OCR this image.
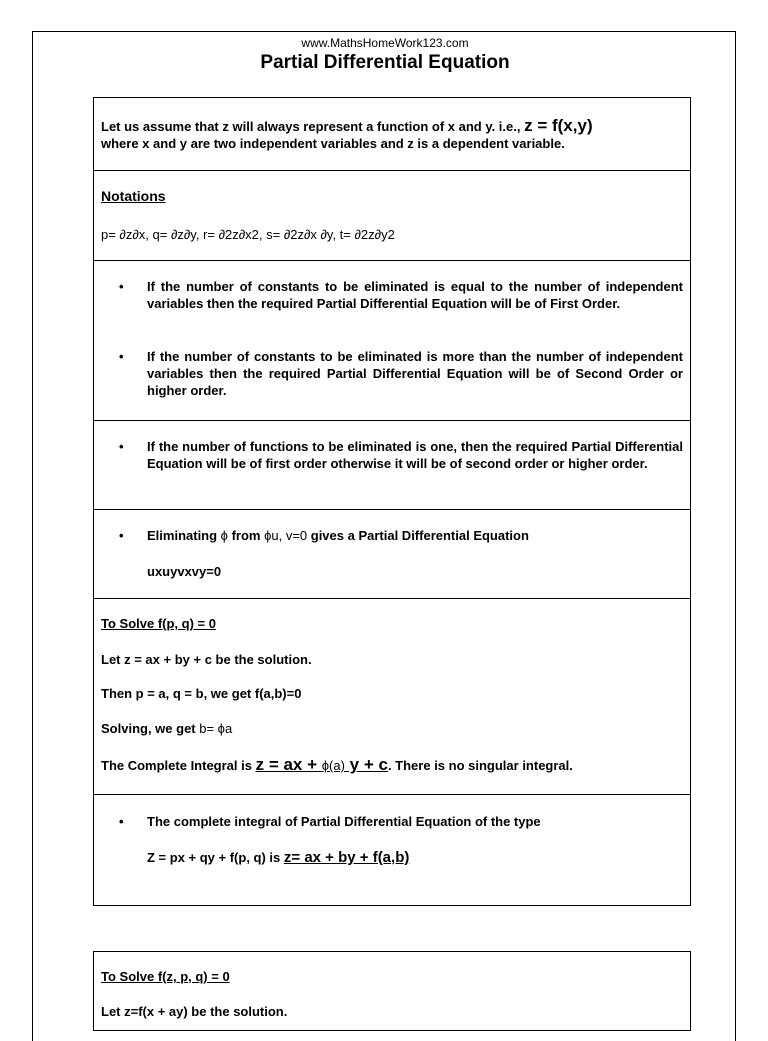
www.MathsHomeWork123.com
Partial Differential Equation
Let us assume that z will always represent a function of x and y. i.e., z = f(x,y)
where x and y are two independent variables and z is a dependent variable.
Notations
p= ∂z∂x, q= ∂z∂y, r= ∂2z∂x2, s= ∂2z∂x ∂y, t= ∂2z∂y2
• If the number of constants to be eliminated is equal to the number of independent variables then the required Partial Differential Equation will be of First Order.
• If the number of constants to be eliminated is more than the number of independent variables then the required Partial Differential Equation will be of Second Order or higher order.
• If the number of functions to be eliminated is one, then the required Partial Differential Equation will be of first order otherwise it will be of second order or higher order.
• Eliminating ϕ from ϕu, v=0 gives a Partial Differential Equation
uxuyvxvy=0
To Solve f(p, q) = 0
Let z = ax + by + c be the solution.
Then p = a, q = b, we get f(a,b)=0
Solving, we get b= ϕa
The Complete Integral is z = ax + ϕ(a) y + c. There is no singular integral.
• The complete integral of Partial Differential Equation of the type
Z = px + qy + f(p, q) is z= ax + by + f(a,b)
To Solve f(z, p, q) = 0
Let z=f(x + ay) be the solution.
